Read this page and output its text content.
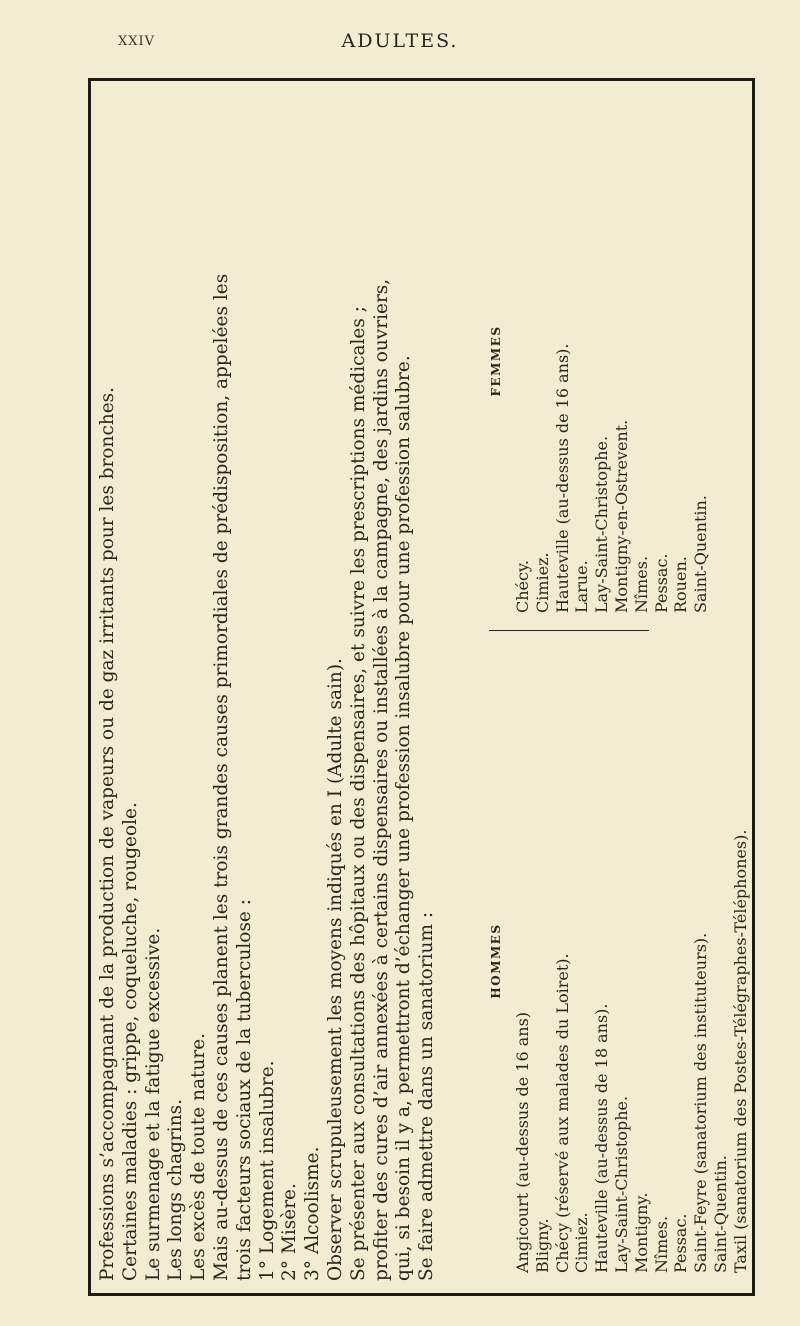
XXIV	ADULTES.

Professions s’accompagnant de la production de vapeurs ou de gaz irritants pour les bronches. Certaines maladies : grippe, coqueluche, rougeole. Le surmenage et la fatigue excessive. Les longs chagrins. Les excès de toute nature. Mais au-dessus de ces causes planent les trois grandes causes primordiales de prédisposition, appelées les trois facteurs sociaux de la tuberculose : 1° Logement insalubre. 2° Misère. 3° Alcoolisme. Observer scrupuleusement les moyens indiqués en I (Adulte sain). Se présenter aux consultations des hôpitaux ou des dispensaires, et suivre les prescriptions médicales ; profiter des cures d’air annexées à certains dispensaires ou installées à la campagne, des jardins ouvriers, qui, si besoin il y a, permettront d’échanger une profession insalubre pour une profession salubre. Se faire admettre dans un sanatorium :	HOMMES
Angicourt (au-dessus de 16 ans) Bligny. Chécy (réservé aux malades du Loiret). Cimiez. Hauteville (au-dessus de 18 ans). Lay-Saint-Christophe. Montigny. Nîmes. Pessac. Saint-Feyre (sanatorium des instituteurs). Saint-Quentin. Taxil (sanatorium des Postes-Télégraphes-Téléphones).
FEMMES
Chécy. Cimiez. Hauteville (au-dessus de 16 ans). Larue. Lay-Saint-Christophe. Montigny-en-Ostrevent. Nîmes. Pessac. Rouen. Saint-Quentin.
